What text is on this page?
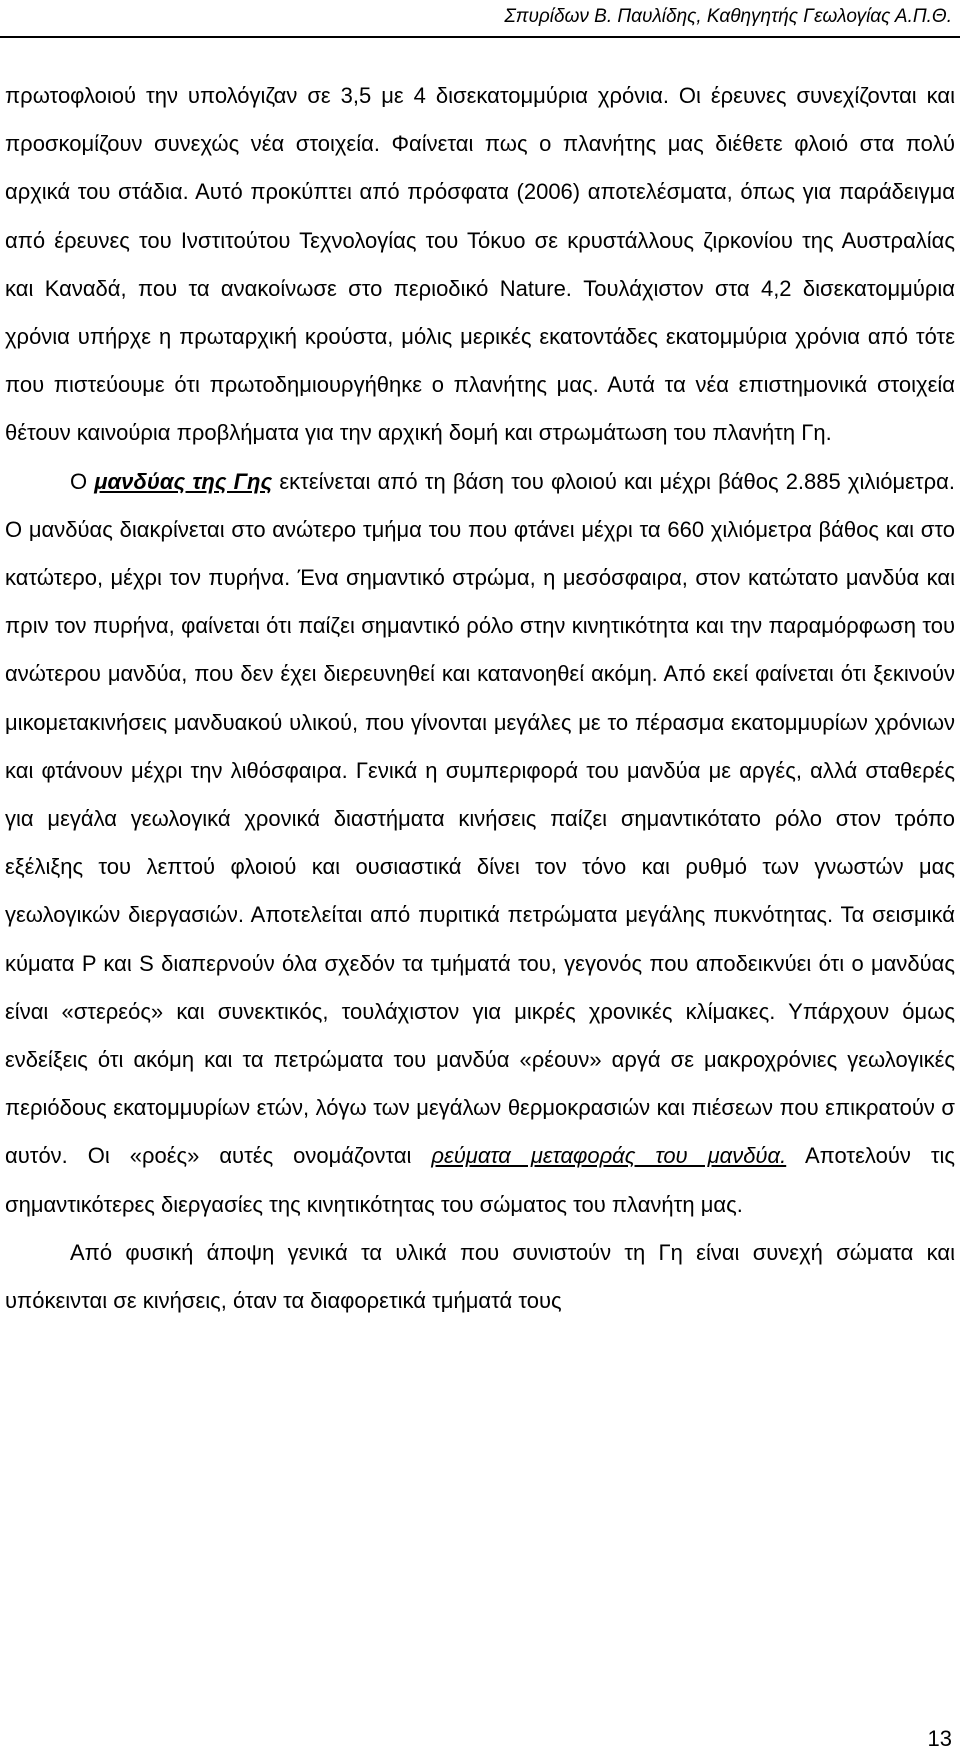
Σπυρίδων Β. Παυλίδης, Καθηγητής Γεωλογίας Α.Π.Θ.

πρωτοφλοιού την υπολόγιζαν σε 3,5 με 4 δισεκατομμύρια χρόνια. Οι έρευνες συνεχίζονται και προσκομίζουν συνεχώς νέα στοιχεία. Φαίνεται πως ο πλανήτης μας διέθετε φλοιό στα πολύ αρχικά του στάδια. Αυτό προκύπτει από πρόσφατα (2006) αποτελέσματα, όπως για παράδειγμα από έρευνες του Ινστιτούτου Τεχνολογίας του Τόκυο σε κρυστάλλους ζιρκονίου της Αυστραλίας και Καναδά, που τα ανακοίνωσε στο περιοδικό Nature. Τουλάχιστον στα 4,2 δισεκατομμύρια χρόνια υπήρχε η πρωταρχική κρούστα, μόλις μερικές εκατοντάδες εκατομμύρια χρόνια από τότε που πιστεύουμε ότι πρωτοδημιουργήθηκε ο πλανήτης μας. Αυτά τα νέα επιστημονικά στοιχεία θέτουν καινούρια προβλήματα για την αρχική δομή και στρωμάτωση του πλανήτη Γη.

Ο μανδύας της Γης εκτείνεται από τη βάση του φλοιού και μέχρι βάθος 2.885 χιλιόμετρα. Ο μανδύας διακρίνεται στο ανώτερο τμήμα του που φτάνει μέχρι τα 660 χιλιόμετρα βάθος και στο κατώτερο, μέχρι τον πυρήνα. Ένα σημαντικό στρώμα, η μεσόσφαιρα, στον κατώτατο μανδύα και πριν τον πυρήνα, φαίνεται ότι παίζει σημαντικό ρόλο στην κινητικότητα και την παραμόρφωση του ανώτερου μανδύα, που δεν έχει διερευνηθεί και κατανοηθεί ακόμη. Από εκεί φαίνεται ότι ξεκινούν μικομετακινήσεις μανδυακού υλικού, που γίνονται μεγάλες με το πέρασμα εκατομμυρίων χρόνιων και φτάνουν μέχρι την λιθόσφαιρα. Γενικά η συμπεριφορά του μανδύα με αργές, αλλά σταθερές για μεγάλα γεωλογικά χρονικά διαστήματα κινήσεις παίζει σημαντικότατο ρόλο στον τρόπο εξέλιξης του λεπτού φλοιού και ουσιαστικά δίνει τον τόνο και ρυθμό των γνωστών μας γεωλογικών διεργασιών. Αποτελείται από πυριτικά πετρώματα μεγάλης πυκνότητας. Τα σεισμικά κύματα P και S διαπερνούν όλα σχεδόν τα τμήματά του, γεγονός που αποδεικνύει ότι ο μανδύας είναι «στερεός» και συνεκτικός, τουλάχιστον για μικρές χρονικές κλίμακες. Υπάρχουν όμως ενδείξεις ότι ακόμη και τα πετρώματα του μανδύα «ρέουν» αργά σε μακροχρόνιες γεωλογικές περιόδους εκατομμυρίων ετών, λόγω των μεγάλων θερμοκρασιών και πιέσεων που επικρατούν σ αυτόν. Οι «ροές» αυτές ονομάζονται ρεύματα μεταφοράς του μανδύα. Αποτελούν τις σημαντικότερες διεργασίες της κινητικότητας του σώματος του πλανήτη μας.

Από φυσική άποψη γενικά τα υλικά που συνιστούν τη Γη είναι συνεχή σώματα και υπόκεινται σε κινήσεις, όταν τα διαφορετικά τμήματά τους

13
